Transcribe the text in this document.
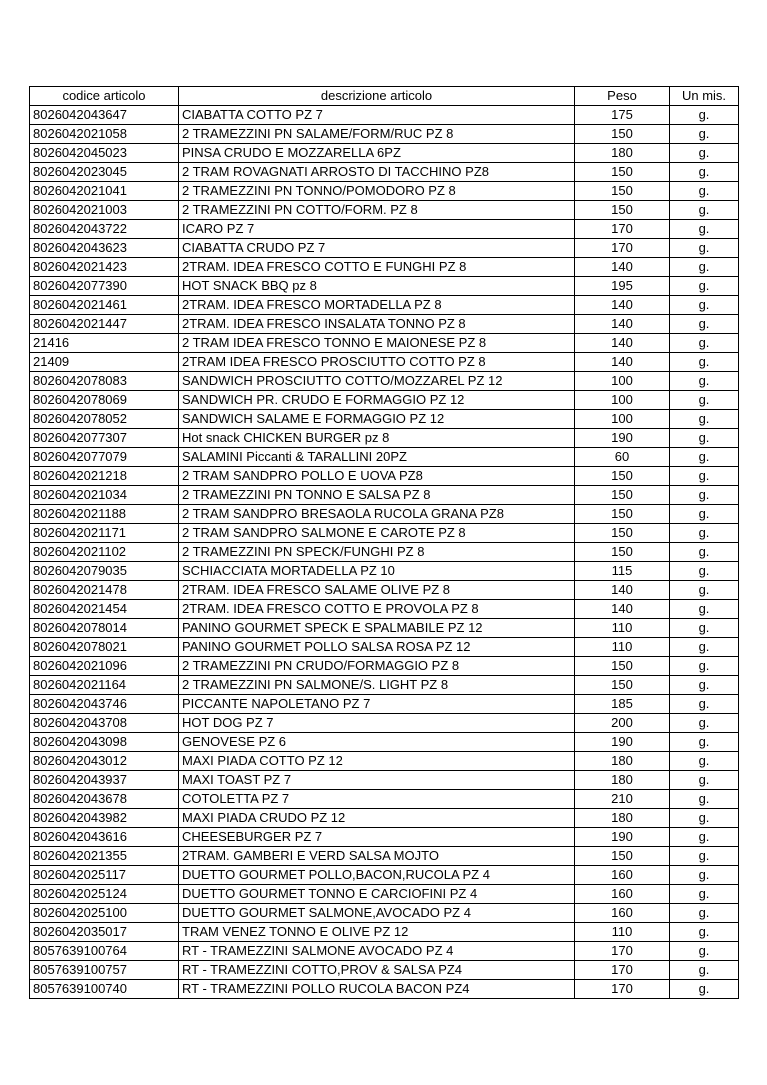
codice articolo	descrizione articolo	Peso	Un mis.
8026042043647	CIABATTA COTTO PZ 7	175	g.
8026042021058	2 TRAMEZZINI PN SALAME/FORM/RUC PZ 8	150	g.
8026042045023	PINSA CRUDO E MOZZARELLA 6PZ	180	g.
8026042023045	2 TRAM ROVAGNATI ARROSTO DI TACCHINO PZ8	150	g.
8026042021041	2 TRAMEZZINI PN TONNO/POMODORO PZ 8	150	g.
8026042021003	2 TRAMEZZINI PN COTTO/FORM. PZ 8	150	g.
8026042043722	ICARO PZ 7	170	g.
8026042043623	CIABATTA CRUDO PZ 7	170	g.
8026042021423	2TRAM. IDEA FRESCO COTTO E FUNGHI PZ 8	140	g.
8026042077390	HOT SNACK BBQ pz 8	195	g.
8026042021461	2TRAM. IDEA FRESCO MORTADELLA PZ 8	140	g.
8026042021447	2TRAM. IDEA FRESCO INSALATA TONNO PZ 8	140	g.
21416	2 TRAM IDEA FRESCO TONNO E MAIONESE PZ 8	140	g.
21409	2TRAM IDEA FRESCO PROSCIUTTO COTTO PZ 8	140	g.
8026042078083	SANDWICH PROSCIUTTO COTTO/MOZZAREL PZ 12	100	g.
8026042078069	SANDWICH PR. CRUDO E FORMAGGIO PZ 12	100	g.
8026042078052	SANDWICH SALAME E FORMAGGIO PZ 12	100	g.
8026042077307	Hot snack CHICKEN BURGER pz 8	190	g.
8026042077079	SALAMINI Piccanti & TARALLINI 20PZ	60	g.
8026042021218	2 TRAM SANDPRO POLLO E UOVA PZ8	150	g.
8026042021034	2 TRAMEZZINI PN TONNO E SALSA PZ 8	150	g.
8026042021188	2 TRAM SANDPRO BRESAOLA RUCOLA GRANA PZ8	150	g.
8026042021171	2 TRAM SANDPRO SALMONE E CAROTE PZ 8	150	g.
8026042021102	2 TRAMEZZINI PN SPECK/FUNGHI PZ 8	150	g.
8026042079035	SCHIACCIATA MORTADELLA PZ 10	115	g.
8026042021478	2TRAM. IDEA FRESCO SALAME OLIVE PZ 8	140	g.
8026042021454	2TRAM. IDEA FRESCO COTTO E PROVOLA PZ 8	140	g.
8026042078014	PANINO GOURMET SPECK E SPALMABILE PZ 12	110	g.
8026042078021	PANINO GOURMET POLLO SALSA ROSA PZ 12	110	g.
8026042021096	2 TRAMEZZINI PN CRUDO/FORMAGGIO PZ 8	150	g.
8026042021164	2 TRAMEZZINI PN SALMONE/S. LIGHT PZ 8	150	g.
8026042043746	PICCANTE NAPOLETANO PZ 7	185	g.
8026042043708	HOT DOG PZ 7	200	g.
8026042043098	GENOVESE PZ 6	190	g.
8026042043012	MAXI PIADA COTTO PZ 12	180	g.
8026042043937	MAXI TOAST PZ 7	180	g.
8026042043678	COTOLETTA PZ 7	210	g.
8026042043982	MAXI PIADA CRUDO PZ 12	180	g.
8026042043616	CHEESEBURGER PZ 7	190	g.
8026042021355	2TRAM. GAMBERI E VERD SALSA MOJTO	150	g.
8026042025117	DUETTO GOURMET POLLO,BACON,RUCOLA PZ 4	160	g.
8026042025124	DUETTO GOURMET TONNO E CARCIOFINI PZ 4	160	g.
8026042025100	DUETTO GOURMET SALMONE,AVOCADO PZ 4	160	g.
8026042035017	TRAM VENEZ TONNO E OLIVE PZ 12	110	g.
8057639100764	RT - TRAMEZZINI SALMONE AVOCADO PZ 4	170	g.
8057639100757	RT - TRAMEZZINI COTTO,PROV & SALSA PZ4	170	g.
8057639100740	RT - TRAMEZZINI POLLO RUCOLA BACON PZ4	170	g.
